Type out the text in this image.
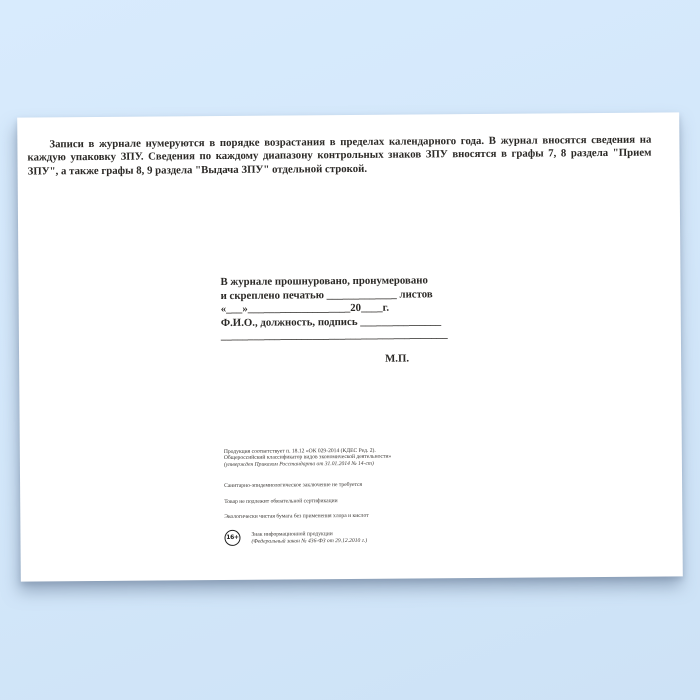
Записи в журнале нумеруются в порядке возрастания в пределах календарного года. В журнал вносятся сведения на каждую упаковку ЗПУ. Сведения по каждому диапазону контрольных знаков ЗПУ вносятся в графы 7, 8 раздела "Прием ЗПУ", а также графы 8, 9 раздела "Выдача ЗПУ" отдельной строкой.

В журнале прошнуровано, пронумеровано
и скреплено печатью _____________ листов
«___»___________________20____г.
Ф.И.О., должность, подпись _______________
__________________________________________
М.П.
Продукция соответствует п. 18.12 «ОК 029-2014 (КДЕС Ред. 2).
Общероссийский классификатор видов экономической деятельности»
(утвержден Приказом Росстандарта от 31.01.2014 № 14-ст)
Санитарно-эпидемиологическое заключение не требуется
Товар не подлежит обязательной сертификации
Экологически чистая бумага без применения хлора и кислот
16+	Знак информационной продукции
(Федеральный закон № 436-ФЗ от 29.12.2010 г.)
